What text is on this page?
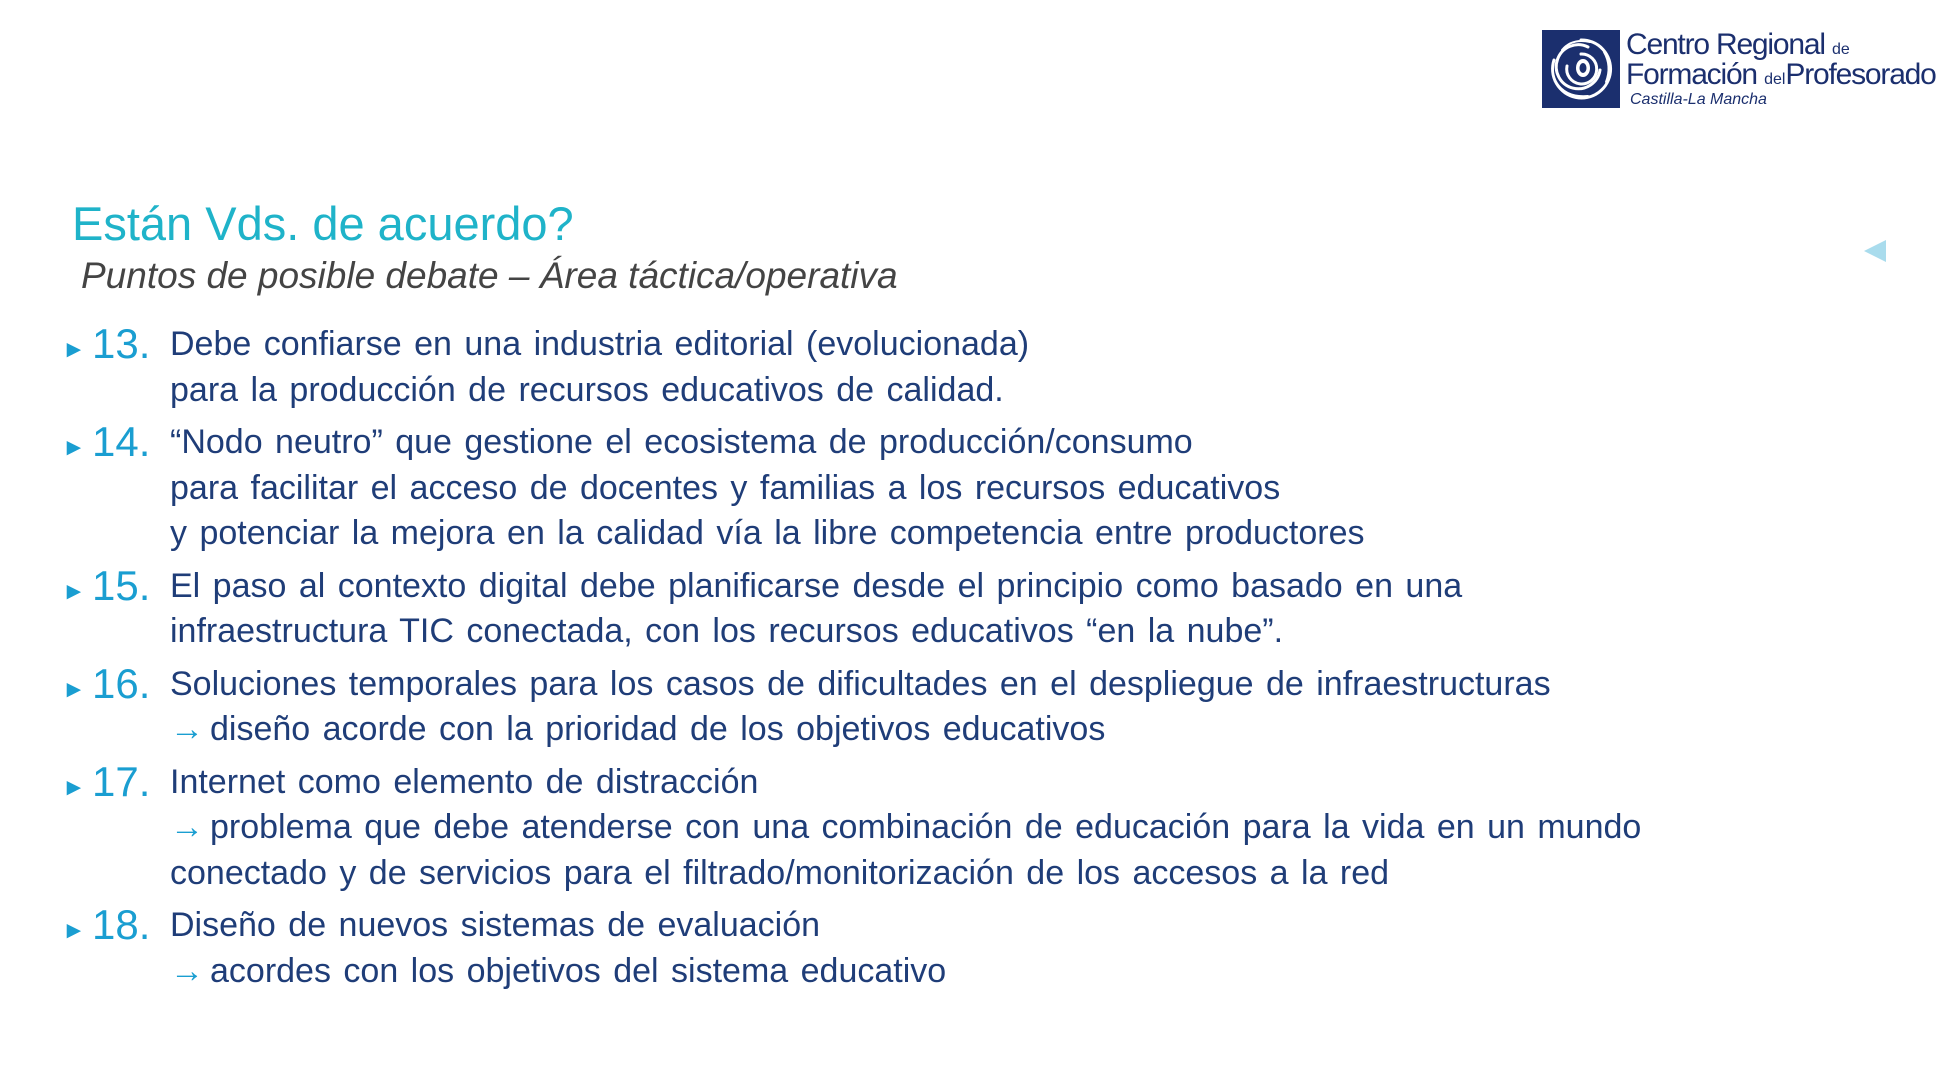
Centro Regional de
Formación delProfesorado
Castilla-La Mancha
Están Vds. de acuerdo?
Puntos de posible debate – Área táctica/operativa
► 13. Debe confiarse en una industria editorial (evolucionada)
para la producción de recursos educativos de calidad.
► 14. “Nodo neutro” que gestione el ecosistema de producción/consumo
para facilitar el acceso de docentes y familias a los recursos educativos
y potenciar la mejora en la calidad vía la libre competencia entre productores
► 15. El paso al contexto digital debe planificarse desde el principio como basado en una
infraestructura TIC conectada, con los recursos educativos “en la nube”.
► 16. Soluciones temporales para los casos de dificultades en el despliegue de infraestructuras
→ diseño acorde con la prioridad de los objetivos educativos
► 17. Internet como elemento de distracción
→ problema que debe atenderse con una combinación de educación para la vida en un mundo
conectado y de servicios para el filtrado/monitorización de los accesos a la red
► 18. Diseño de nuevos sistemas de evaluación
→ acordes con los objetivos del sistema educativo
